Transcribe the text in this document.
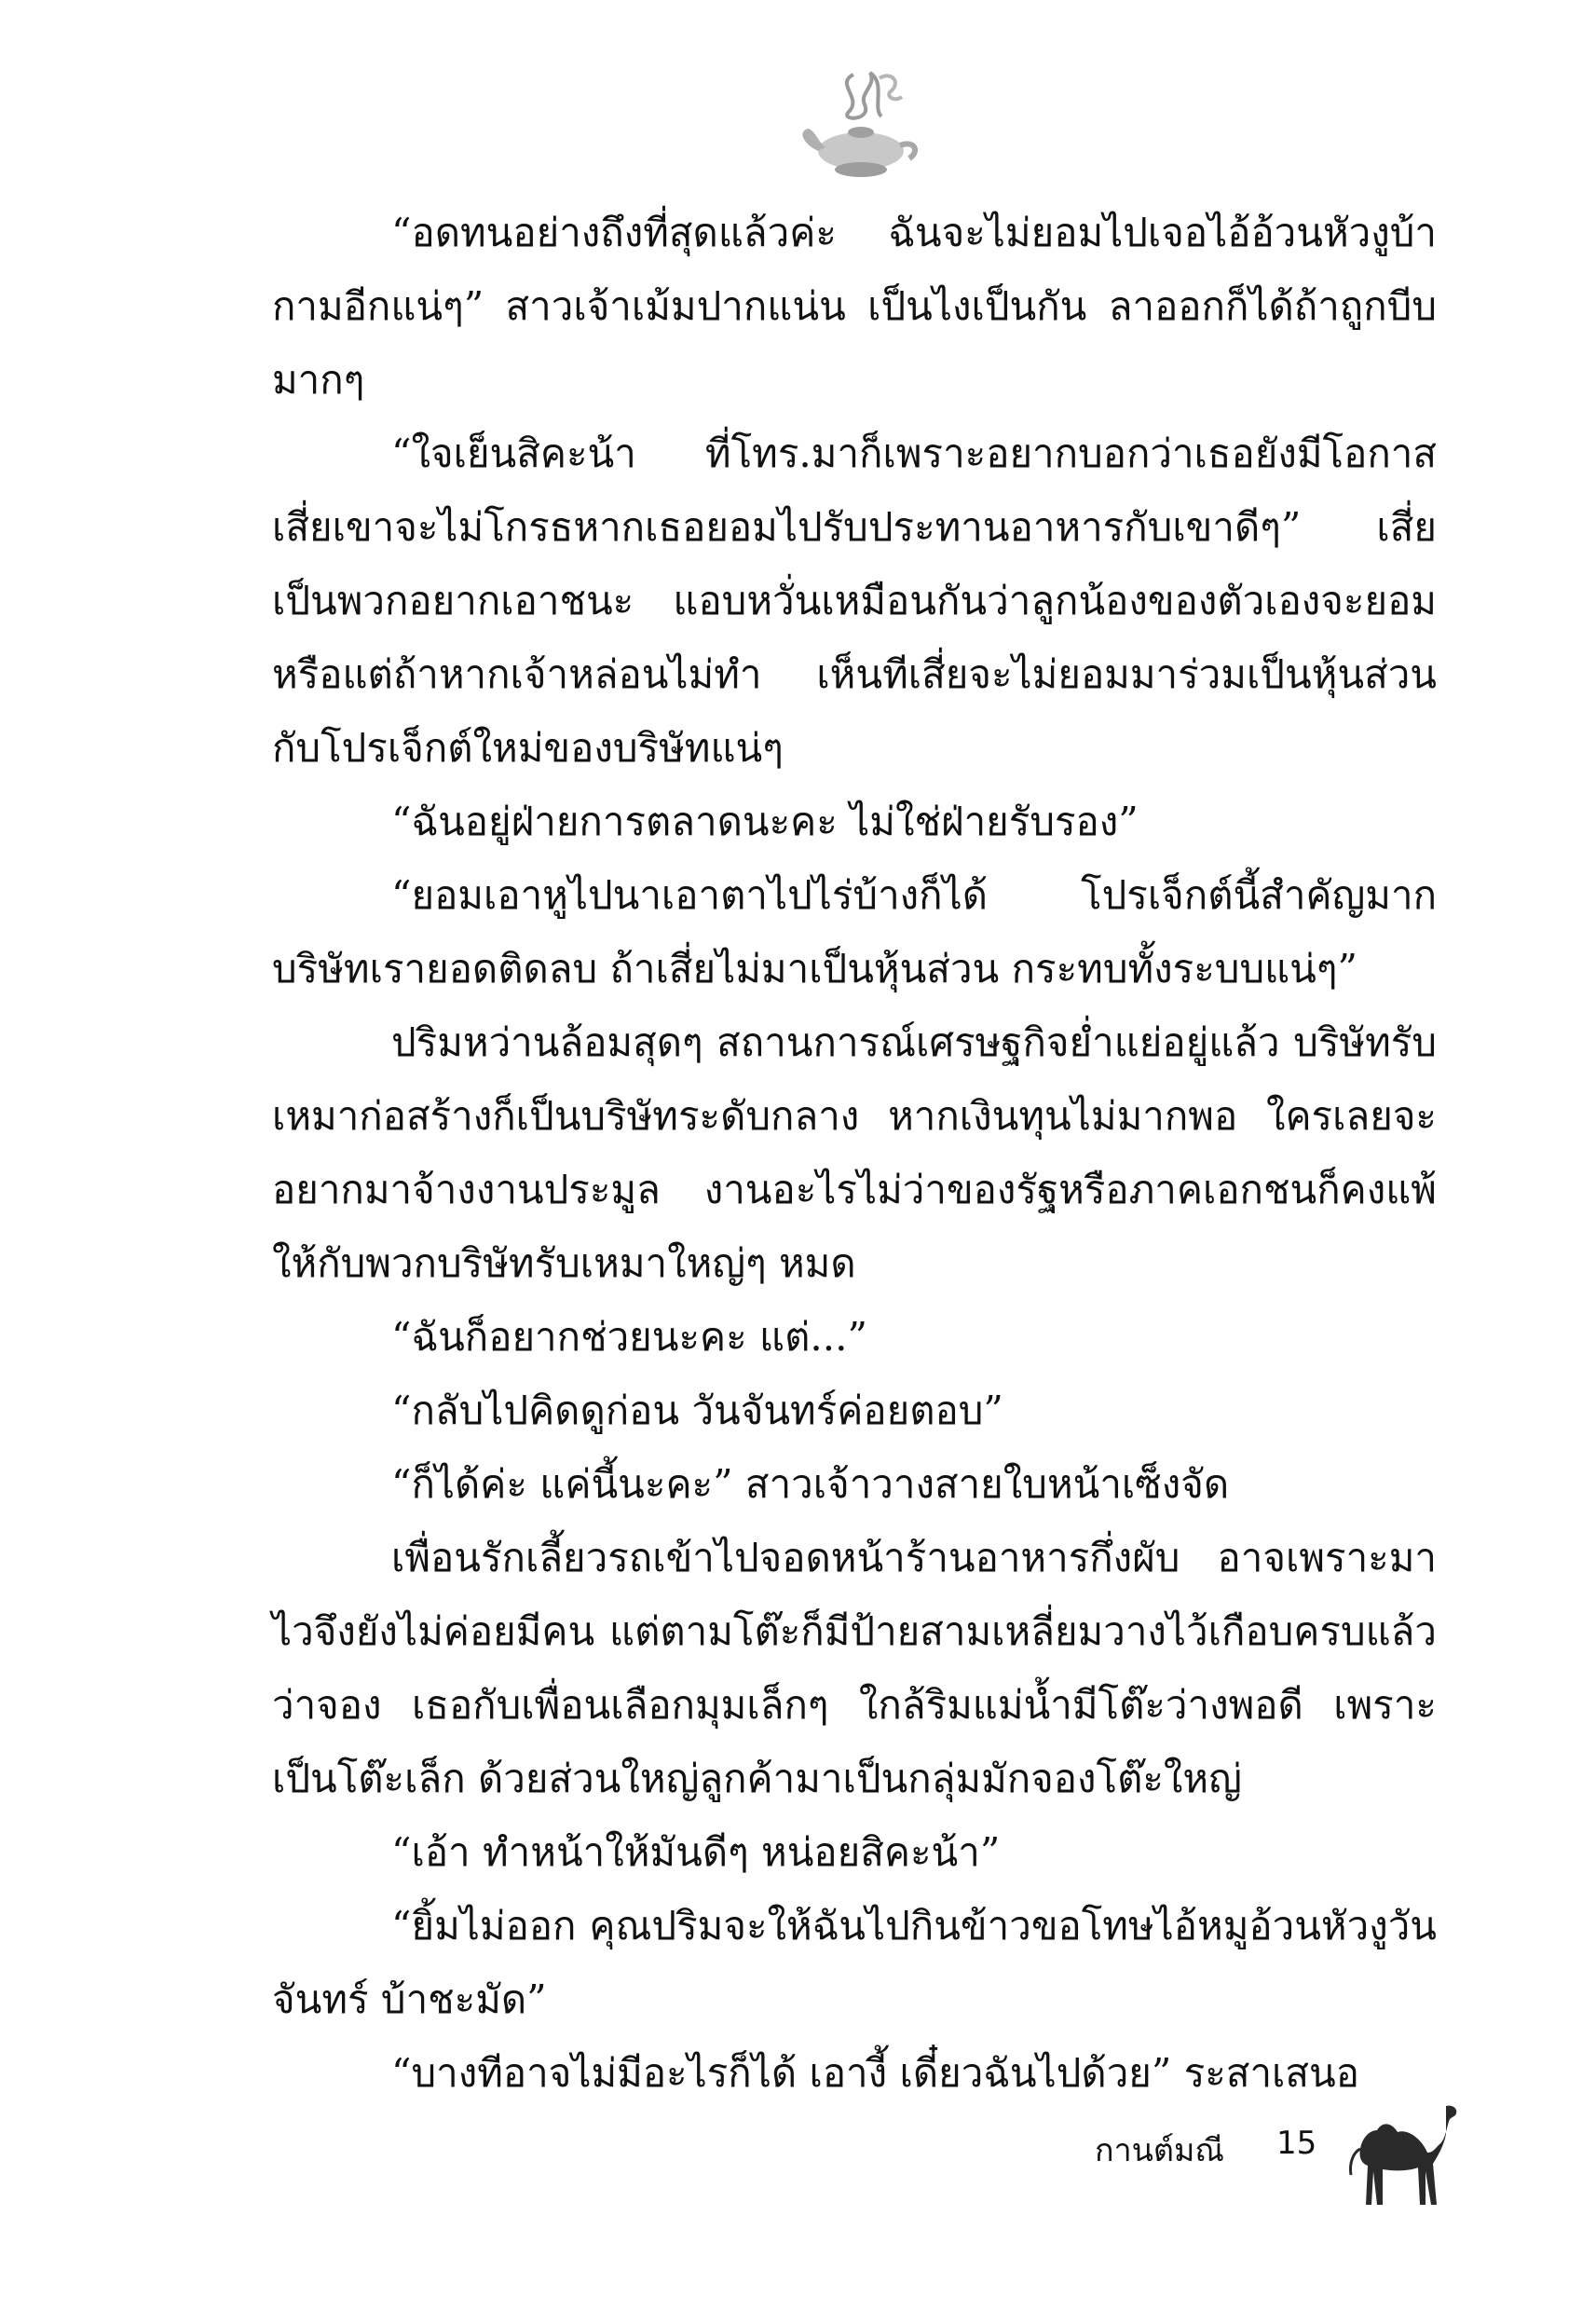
“อดทนอย่างถึงที่สุดแล้วค่ะ ฉันจะไม่ยอมไปเจอไอ้อ้วนหัวงูบ้ากามอีกแน่ๆ” สาวเจ้าเม้มปากแน่น เป็นไงเป็นกัน ลาออกก็ได้ถ้าถูกบีบมากๆ

“ใจเย็นสิคะน้า ที่โทร.มาก็เพราะอยากบอกว่าเธอยังมีโอกาส เสี่ยเขาจะไม่โกรธหากเธอยอมไปรับประทานอาหารกับเขาดีๆ” เสี่ยเป็นพวกอยากเอาชนะ แอบหวั่นเหมือนกันว่าลูกน้องของตัวเองจะยอมหรือแต่ถ้าหากเจ้าหล่อนไม่ทำ เห็นทีเสี่ยจะไม่ยอมมาร่วมเป็นหุ้นส่วนกับโปรเจ็กต์ใหม่ของบริษัทแน่ๆ

“ฉันอยู่ฝ่ายการตลาดนะคะ ไม่ใช่ฝ่ายรับรอง”

“ยอมเอาหูไปนาเอาตาไปไร่บ้างก็ได้ โปรเจ็กต์นี้สำคัญมากบริษัทเรายอดติดลบ ถ้าเสี่ยไม่มาเป็นหุ้นส่วน กระทบทั้งระบบแน่ๆ”

ปริมหว่านล้อมสุดๆ สถานการณ์เศรษฐกิจย่ำแย่อยู่แล้ว บริษัทรับเหมาก่อสร้างก็เป็นบริษัทระดับกลาง หากเงินทุนไม่มากพอ ใครเลยจะอยากมาจ้างงานประมูล งานอะไรไม่ว่าของรัฐหรือภาคเอกชนก็คงแพ้ให้กับพวกบริษัทรับเหมาใหญ่ๆ หมด

“ฉันก็อยากช่วยนะคะ แต่...”

“กลับไปคิดดูก่อน วันจันทร์ค่อยตอบ”

“ก็ได้ค่ะ แค่นี้นะคะ” สาวเจ้าวางสายใบหน้าเซ็งจัด

เพื่อนรักเลี้ยวรถเข้าไปจอดหน้าร้านอาหารกึ่งผับ อาจเพราะมาไวจึงยังไม่ค่อยมีคน แต่ตามโต๊ะก็มีป้ายสามเหลี่ยมวางไว้เกือบครบแล้วว่าจอง เธอกับเพื่อนเลือกมุมเล็กๆ ใกล้ริมแม่น้ำมีโต๊ะว่างพอดี เพราะเป็นโต๊ะเล็ก ด้วยส่วนใหญ่ลูกค้ามาเป็นกลุ่มมักจองโต๊ะใหญ่

“เอ้า ทำหน้าให้มันดีๆ หน่อยสิคะน้า”

“ยิ้มไม่ออก คุณปริมจะให้ฉันไปกินข้าวขอโทษไอ้หมูอ้วนหัวงูวันจันทร์ บ้าชะมัด”

“บางทีอาจไม่มีอะไรก็ได้ เอางี้ เดี๋ยวฉันไปด้วย” ระสาเสนอ

กานต์มณี 15
